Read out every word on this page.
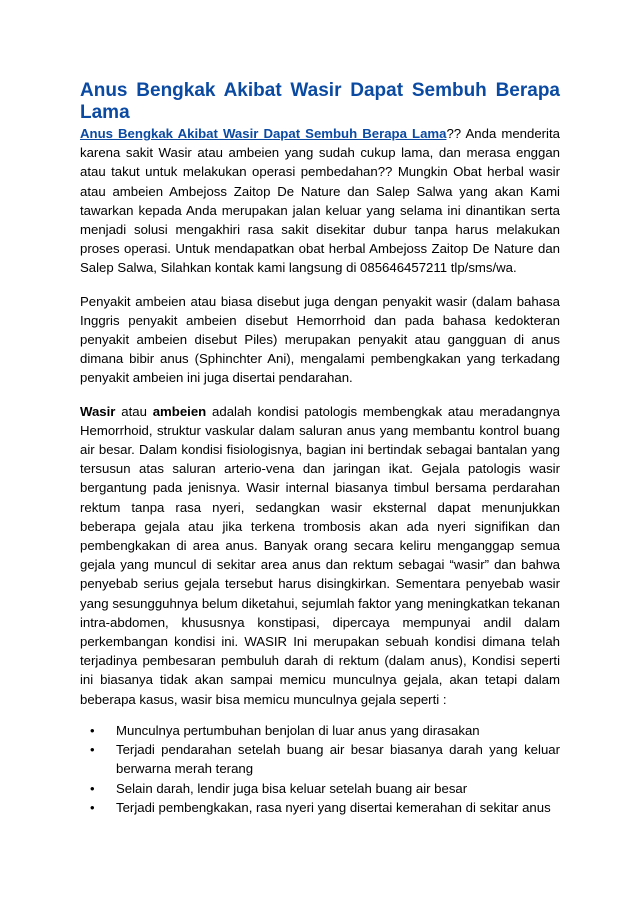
Anus Bengkak Akibat Wasir Dapat Sembuh Berapa Lama

Anus Bengkak Akibat Wasir Dapat Sembuh Berapa Lama?? Anda menderita karena sakit Wasir atau ambeien yang sudah cukup lama, dan merasa enggan atau takut untuk melakukan operasi pembedahan?? Mungkin Obat herbal wasir atau ambeien Ambejoss Zaitop De Nature dan Salep Salwa yang akan Kami tawarkan kepada Anda merupakan jalan keluar yang selama ini dinantikan serta menjadi solusi mengakhiri rasa sakit disekitar dubur tanpa harus melakukan proses operasi. Untuk mendapatkan obat herbal Ambejoss Zaitop De Nature dan Salep Salwa, Silahkan kontak kami langsung di 085646457211 tlp/sms/wa.

Penyakit ambeien atau biasa disebut juga dengan penyakit wasir (dalam bahasa Inggris penyakit ambeien disebut Hemorrhoid dan pada bahasa kedokteran penyakit ambeien disebut Piles) merupakan penyakit atau gangguan di anus dimana bibir anus (Sphinchter Ani), mengalami pembengkakan yang terkadang penyakit ambeien ini juga disertai pendarahan.

Wasir atau ambeien adalah kondisi patologis membengkak atau meradangnya Hemorrhoid, struktur vaskular dalam saluran anus yang membantu kontrol buang air besar. Dalam kondisi fisiologisnya, bagian ini bertindak sebagai bantalan yang tersusun atas saluran arterio-vena dan jaringan ikat. Gejala patologis wasir bergantung pada jenisnya. Wasir internal biasanya timbul bersama perdarahan rektum tanpa rasa nyeri, sedangkan wasir eksternal dapat menunjukkan beberapa gejala atau jika terkena trombosis akan ada nyeri signifikan dan pembengkakan di area anus. Banyak orang secara keliru menganggap semua gejala yang muncul di sekitar area anus dan rektum sebagai “wasir” dan bahwa penyebab serius gejala tersebut harus disingkirkan. Sementara penyebab wasir yang sesungguhnya belum diketahui, sejumlah faktor yang meningkatkan tekanan intra-abdomen, khususnya konstipasi, dipercaya mempunyai andil dalam perkembangan kondisi ini. WASIR Ini merupakan sebuah kondisi dimana telah terjadinya pembesaran pembuluh darah di rektum (dalam anus), Kondisi seperti ini biasanya tidak akan sampai memicu munculnya gejala, akan tetapi dalam beberapa kasus, wasir bisa memicu munculnya gejala seperti :

• Munculnya pertumbuhan benjolan di luar anus yang dirasakan
• Terjadi pendarahan setelah buang air besar biasanya darah yang keluar berwarna merah terang
• Selain darah, lendir juga bisa keluar setelah buang air besar
• Terjadi pembengkakan, rasa nyeri yang disertai kemerahan di sekitar anus
